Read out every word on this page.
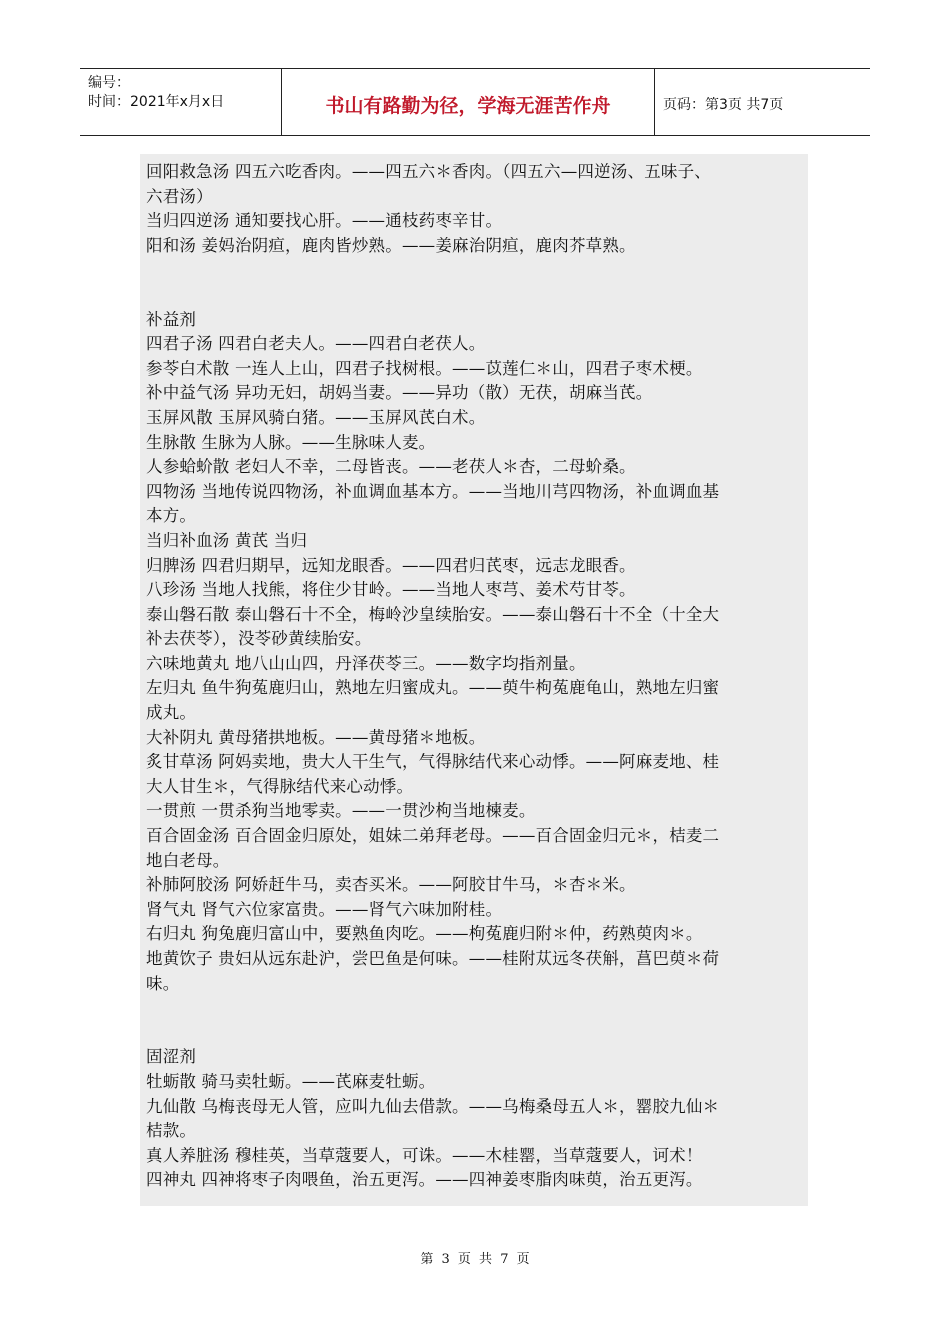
编号：
时间：2021年x月x日	书山有路勤为径，学海无涯苦作舟	页码：第3页 共7页

回阳救急汤 四五六吃香肉。——四五六＊香肉。（四五六—四逆汤、五味子、

六君汤）

当归四逆汤 通知要找心肝。——通枝药枣辛甘。

阳和汤 姜妈治阴疸，鹿肉皆炒熟。——姜麻治阴疸，鹿肉芥草熟。

补益剂

四君子汤 四君白老夫人。——四君白老茯人。

参苓白术散 一连人上山，四君子找树根。——苡莲仁＊山，四君子枣术梗。

补中益气汤 异功无妇，胡妈当妻。——异功（散）无茯，胡麻当芪。

玉屏风散 玉屏风骑白猪。——玉屏风芪白术。

生脉散 生脉为人脉。——生脉味人麦。

人参蛤蚧散 老妇人不幸，二母皆丧。——老茯人＊杏，二母蚧桑。

四物汤 当地传说四物汤，补血调血基本方。——当地川芎四物汤，补血调血基

本方。

当归补血汤 黄芪 当归

归脾汤 四君归期早，远知龙眼香。——四君归芪枣，远志龙眼香。

八珍汤 当地人找熊，将住少甘岭。——当地人枣芎、姜术芍甘苓。

泰山磐石散 泰山磐石十不全，梅岭沙皇续胎安。——泰山磐石十不全（十全大

补去茯苓），没苓砂黄续胎安。

六味地黄丸 地八山山四，丹泽茯苓三。——数字均指剂量。

左归丸 鱼牛狗菟鹿归山，熟地左归蜜成丸。——萸牛枸菟鹿龟山，熟地左归蜜

成丸。

大补阴丸 黄母猪拱地板。——黄母猪＊地板。

炙甘草汤 阿妈卖地，贵大人干生气，气得脉结代来心动悸。——阿麻麦地、桂

大人甘生＊，气得脉结代来心动悸。

一贯煎 一贯杀狗当地零卖。——一贯沙枸当地楝麦。

百合固金汤 百合固金归原处，姐妹二弟拜老母。——百合固金归元＊，桔麦二

地白老母。

补肺阿胶汤 阿娇赶牛马，卖杏买米。——阿胶甘牛马，＊杏＊米。

肾气丸 肾气六位家富贵。——肾气六味加附桂。

右归丸 狗兔鹿归富山中，要熟鱼肉吃。——枸菟鹿归附＊仲，药熟萸肉＊。

地黄饮子 贵妇从远东赴沪，尝巴鱼是何味。——桂附苁远冬茯斛，菖巴萸＊荷

味。

固涩剂

牡蛎散 骑马卖牡蛎。——芪麻麦牡蛎。

九仙散 乌梅丧母无人管，应叫九仙去借款。——乌梅桑母五人＊，罂胶九仙＊

桔款。

真人养脏汤 穆桂英，当草蔻要人，可诛。——木桂罂，当草蔻要人，诃术！

四神丸 四神将枣子肉喂鱼，治五更泻。——四神姜枣脂肉味萸，治五更泻。

第 3 页 共 7 页
